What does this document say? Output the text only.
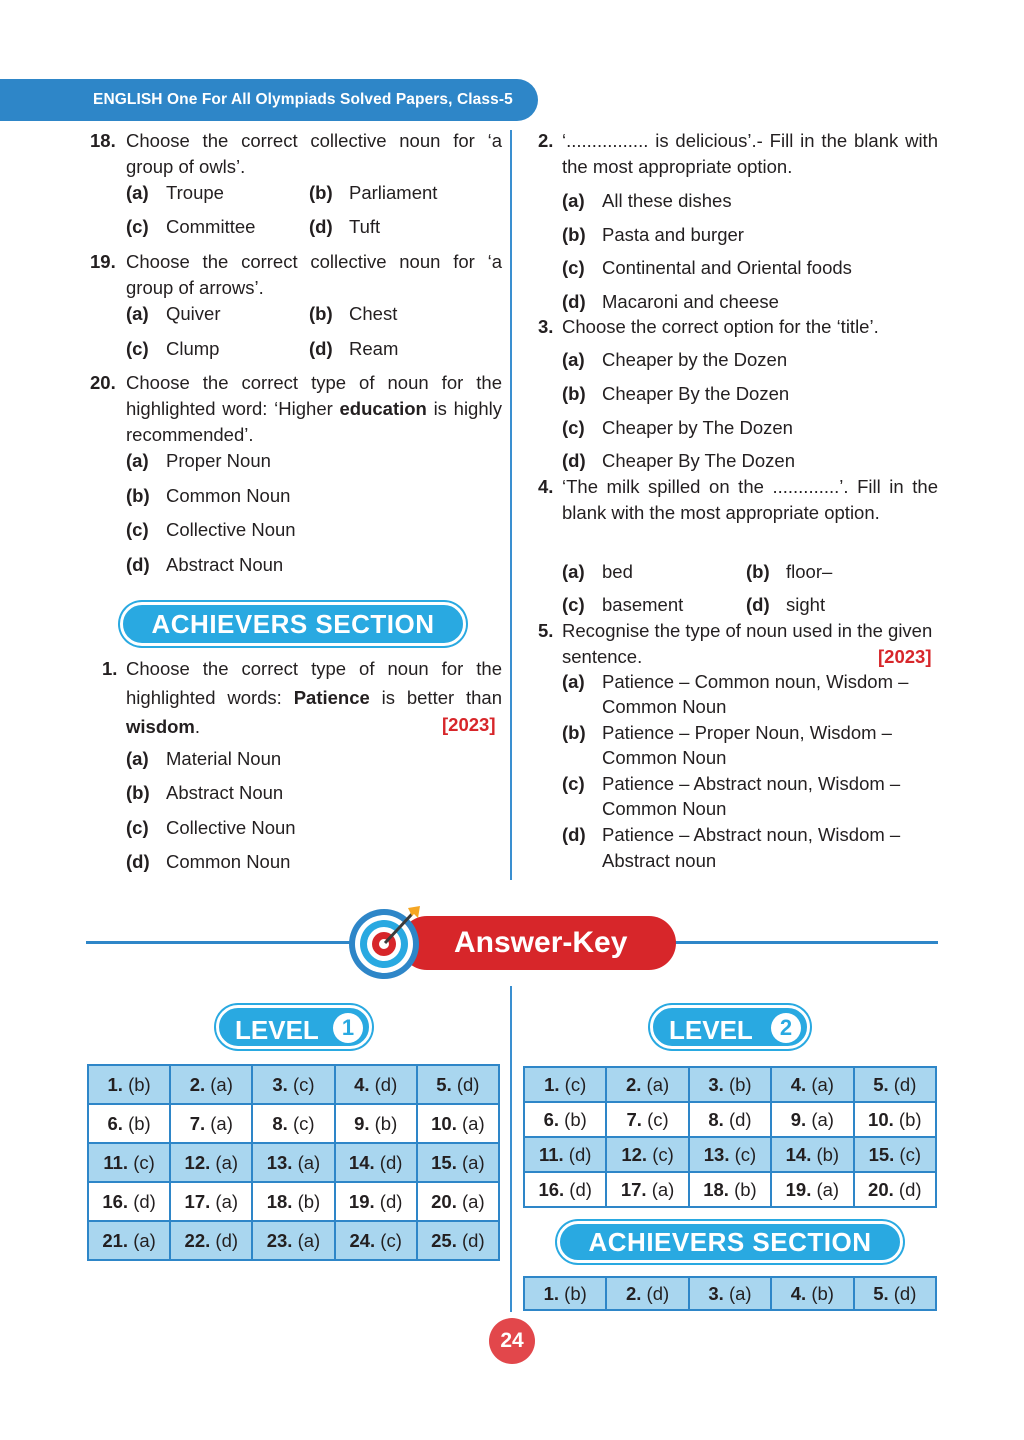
ENGLISH One For All Olympiads Solved Papers, Class-5
18. Choose the correct collective noun for ‘a group of owls’.
(a) Troupe	(b) Parliament
(c) Committee	(d) Tuft
19. Choose the correct collective noun for ‘a group of arrows’.
(a) Quiver	(b) Chest
(c) Clump	(d) Ream
20. Choose the correct type of noun for the highlighted word: ‘Higher education is highly recommended’.
(a) Proper Noun
(b) Common Noun
(c) Collective Noun
(d) Abstract Noun
ACHIEVERS SECTION
1. Choose the correct type of noun for the highlighted words: Patience is better than wisdom.	[2023]
(a) Material Noun
(b) Abstract Noun
(c) Collective Noun
(d) Common Noun
2. ‘................ is delicious’.- Fill in the blank with the most appropriate option.
(a) All these dishes
(b) Pasta and burger
(c) Continental and Oriental foods
(d) Macaroni and cheese
3. Choose the correct option for the ‘title’.
(a) Cheaper by the Dozen
(b) Cheaper By the Dozen
(c) Cheaper by The Dozen
(d) Cheaper By The Dozen
4. ‘The milk spilled on the .............’. Fill in the blank with the most appropriate option.
(a) bed	(b) floor–
(c) basement	(d) sight
5. Recognise the type of noun used in the given sentence.	[2023]
(a) Patience – Common noun, Wisdom –
Common Noun
(b) Patience – Proper Noun, Wisdom –
Common Noun
(c) Patience – Abstract noun, Wisdom –
Common Noun
(d) Patience – Abstract noun, Wisdom –
Abstract noun
Answer-Key
LEVEL	1
1. (b)	2. (a)	3. (c)	4. (d)	5. (d)
6. (b)	7. (a)	8. (c)	9. (b)	10. (a)
11. (c)	12. (a)	13. (a)	14. (d)	15. (a)
16. (d)	17. (a)	18. (b)	19. (d)	20. (a)
21. (a)	22. (d)	23. (a)	24. (c)	25. (d)
LEVEL	2
1. (c)	2. (a)	3. (b)	4. (a)	5. (d)
6. (b)	7. (c)	8. (d)	9. (a)	10. (b)
11. (d)	12. (c)	13. (c)	14. (b)	15. (c)
16. (d)	17. (a)	18. (b)	19. (a)	20. (d)
ACHIEVERS SECTION
1. (b)	2. (d)	3. (a)	4. (b)	5. (d)
24
